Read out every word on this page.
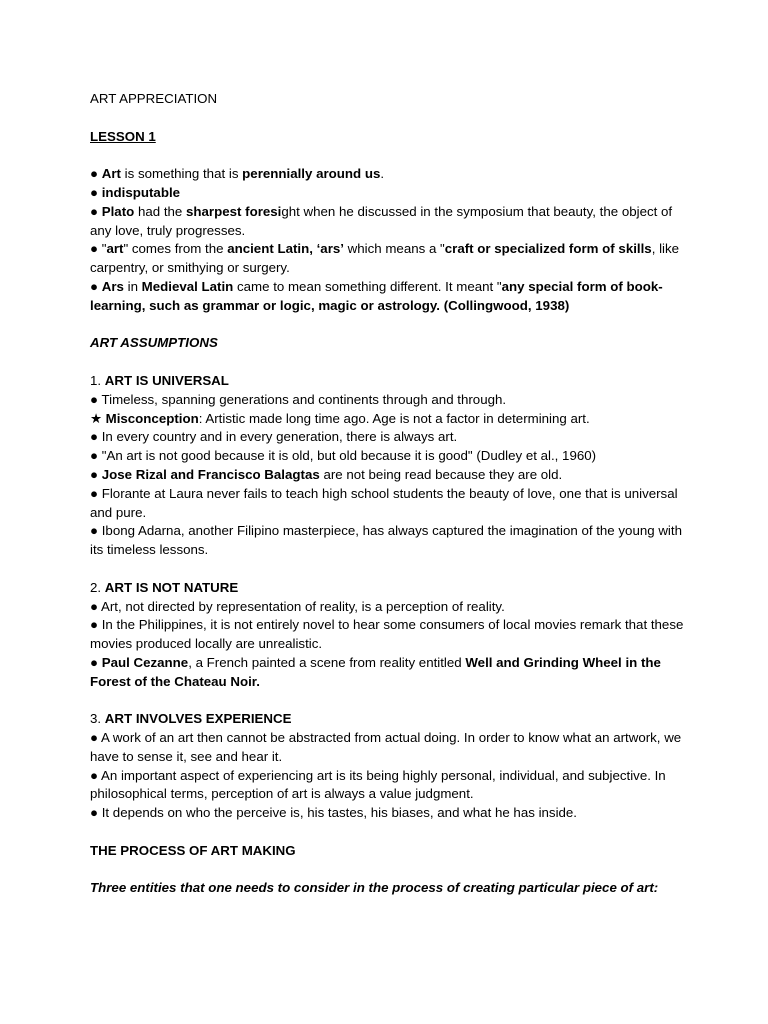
ART APPRECIATION

LESSON 1

● Art is something that is perennially around us.

● indisputable

● Plato had the sharpest foresight when he discussed in the symposium that beauty, the object of any love, truly progresses.

● "art" comes from the ancient Latin, ‘ars’ which means a "craft or specialized form of skills, like carpentry, or smithying or surgery.

● Ars in Medieval Latin came to mean something different. It meant "any special form of book-learning, such as grammar or logic, magic or astrology. (Collingwood, 1938)

ART ASSUMPTIONS

1. ART IS UNIVERSAL

● Timeless, spanning generations and continents through and through.

★ Misconception: Artistic made long time ago. Age is not a factor in determining art.

● In every country and in every generation, there is always art.

● "An art is not good because it is old, but old because it is good" (Dudley et al., 1960)

● Jose Rizal and Francisco Balagtas are not being read because they are old.

● Florante at Laura never fails to teach high school students the beauty of love, one that is universal and pure.

● Ibong Adarna, another Filipino masterpiece, has always captured the imagination of the young with its timeless lessons.

2. ART IS NOT NATURE

● Art, not directed by representation of reality, is a perception of reality.

● In the Philippines, it is not entirely novel to hear some consumers of local movies remark that these movies produced locally are unrealistic.

● Paul Cezanne, a French painted a scene from reality entitled Well and Grinding Wheel in the Forest of the Chateau Noir.

3. ART INVOLVES EXPERIENCE

● A work of an art then cannot be abstracted from actual doing. In order to know what an artwork, we have to sense it, see and hear it.

● An important aspect of experiencing art is its being highly personal, individual, and subjective. In philosophical terms, perception of art is always a value judgment.

● It depends on who the perceive is, his tastes, his biases, and what he has inside.

THE PROCESS OF ART MAKING

Three entities that one needs to consider in the process of creating particular piece of art:
